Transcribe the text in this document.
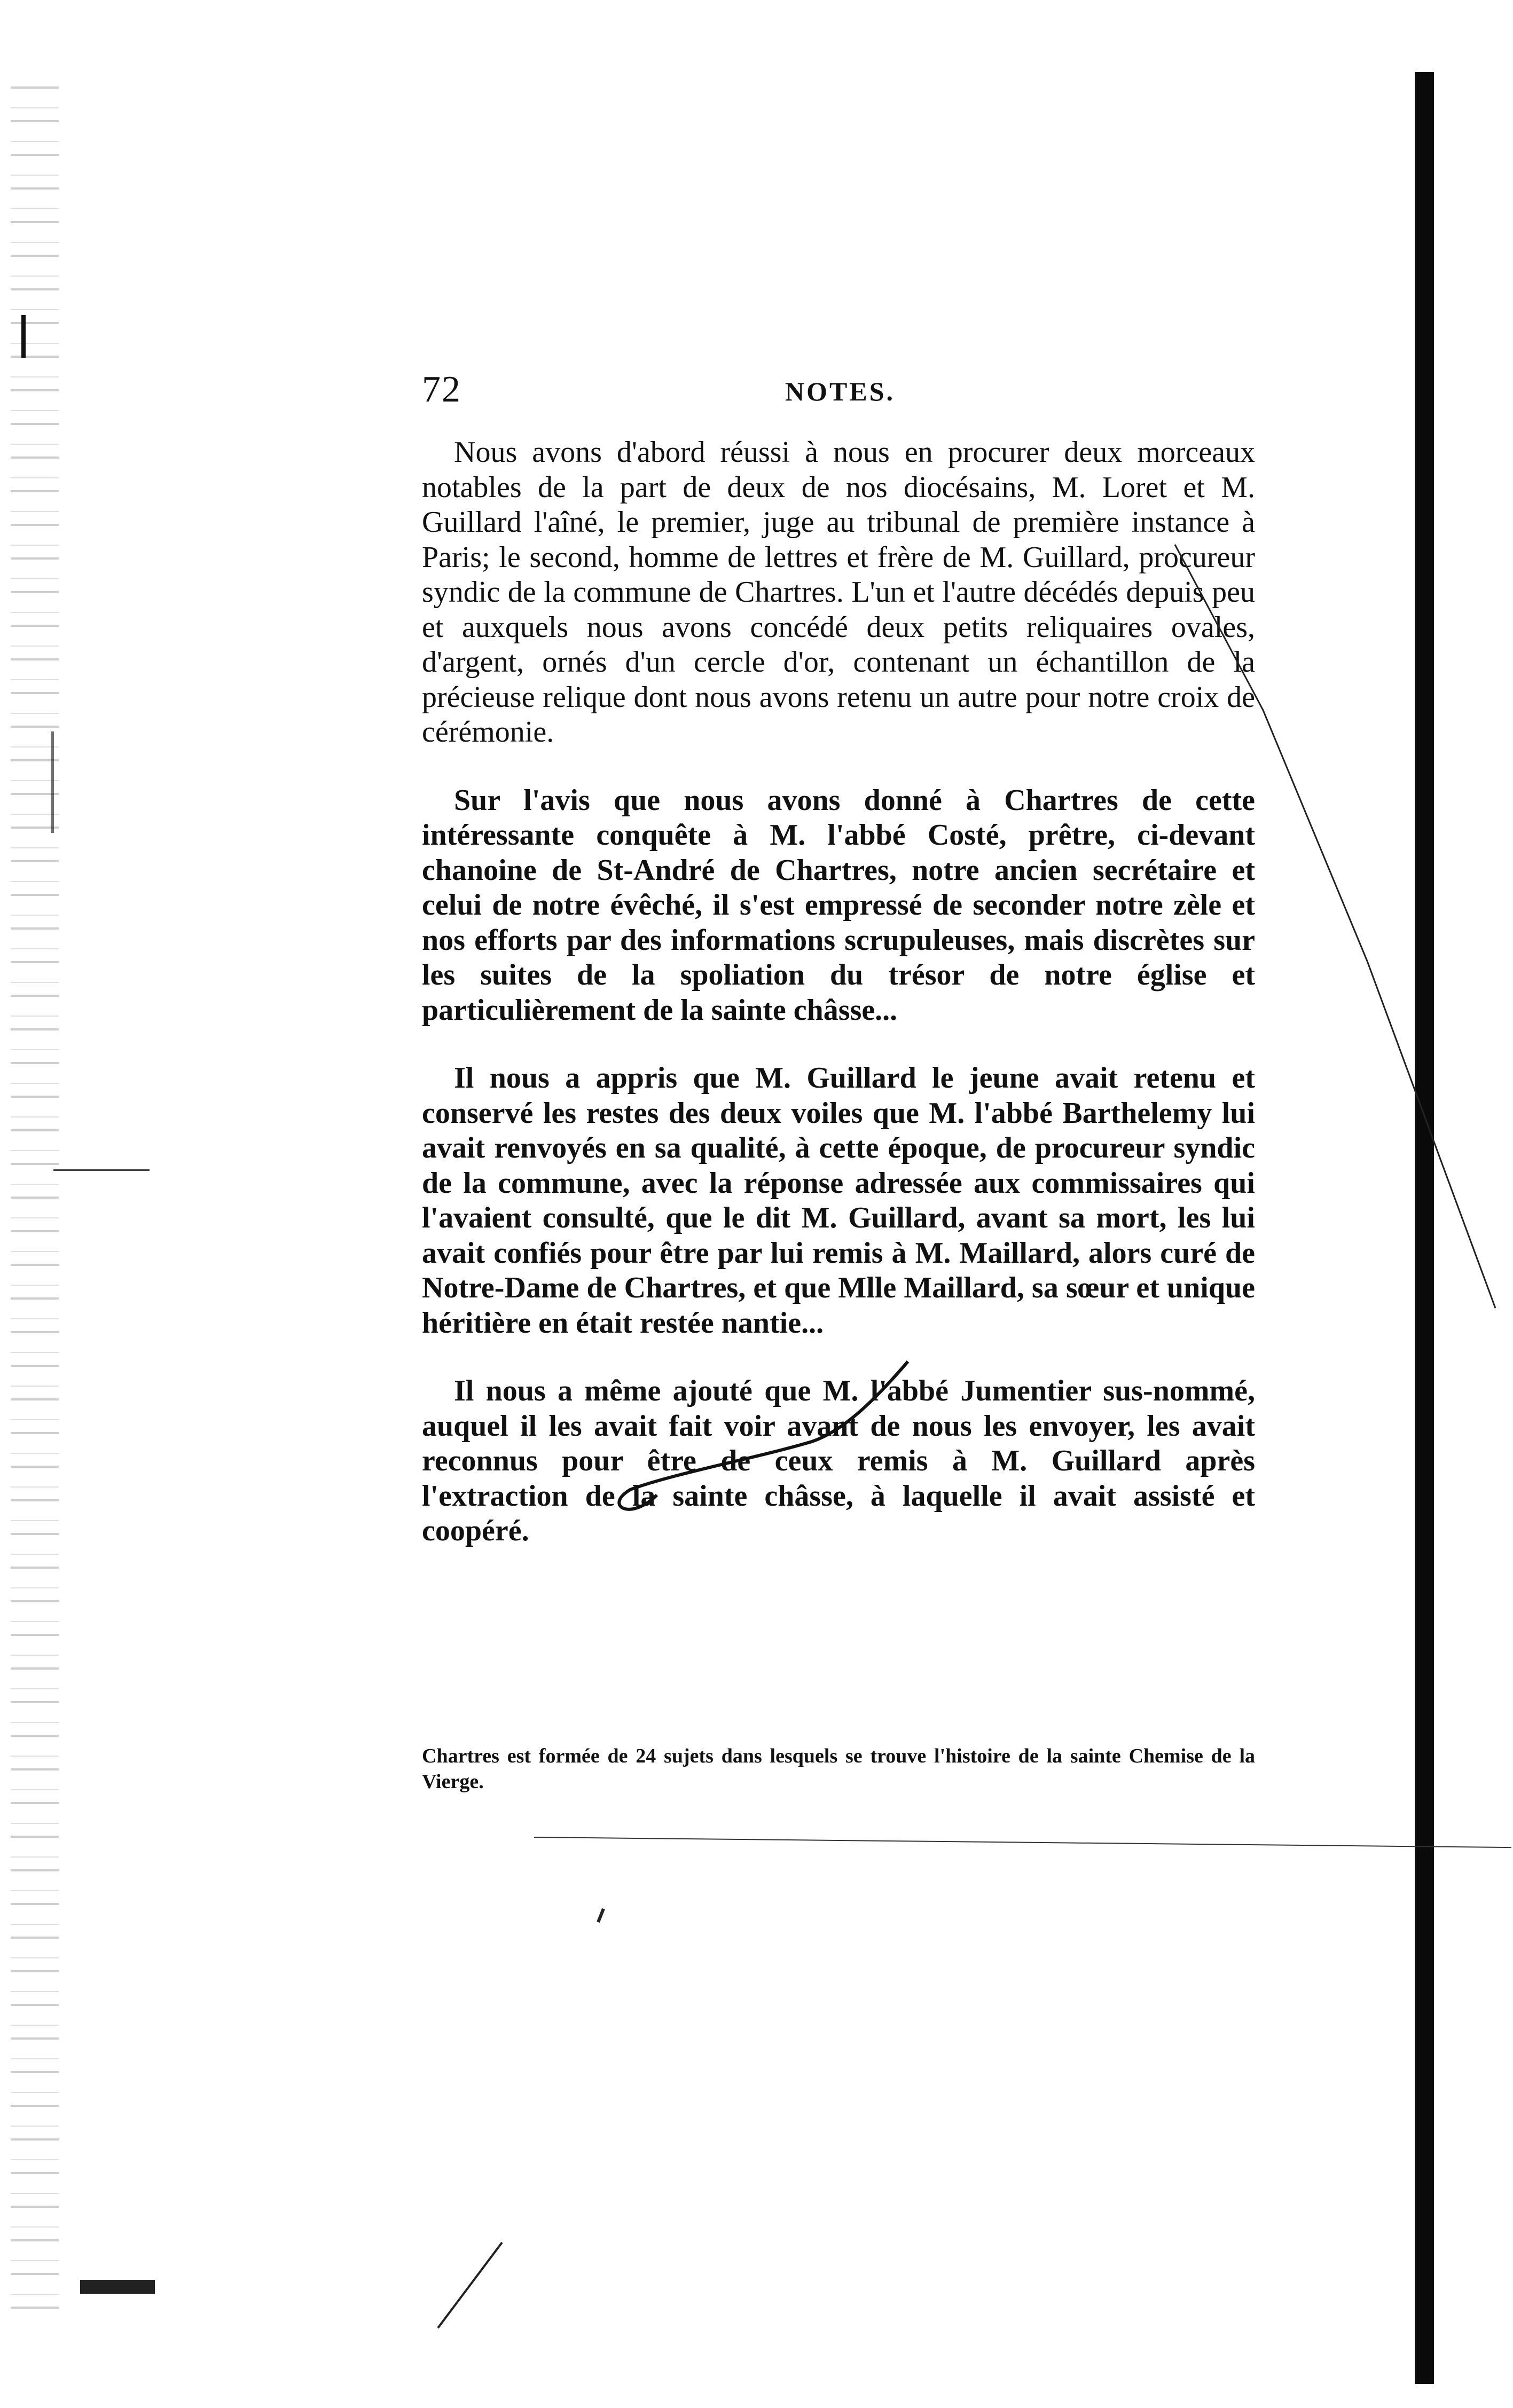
72	NOTES.

Nous avons d'abord réussi à nous en procurer deux morceaux notables de la part de deux de nos diocésains, M. Loret et M. Guillard l'aîné, le premier, juge au tribunal de première instance à Paris; le second, homme de lettres et frère de M. Guillard, procureur syndic de la commune de Chartres. L'un et l'autre décédés depuis peu et auxquels nous avons concédé deux petits reliquaires ovales, d'argent, ornés d'un cercle d'or, contenant un échantillon de la précieuse relique dont nous avons retenu un autre pour notre croix de cérémonie.

Sur l'avis que nous avons donné à Chartres de cette intéressante conquête à M. l'abbé Costé, prêtre, ci-devant chanoine de St-André de Chartres, notre ancien secrétaire et celui de notre évêché, il s'est empressé de seconder notre zèle et nos efforts par des informations scrupuleuses, mais discrètes sur les suites de la spoliation du trésor de notre église et particulièrement de la sainte châsse...

Il nous a appris que M. Guillard le jeune avait retenu et conservé les restes des deux voiles que M. l'abbé Barthelemy lui avait renvoyés en sa qualité, à cette époque, de procureur syndic de la commune, avec la réponse adressée aux commissaires qui l'avaient consulté, que le dit M. Guillard, avant sa mort, les lui avait confiés pour être par lui remis à M. Maillard, alors curé de Notre-Dame de Chartres, et que Mlle Maillard, sa sœur et unique héritière en était restée nantie...

Il nous a même ajouté que M. l'abbé Jumentier sus-nommé, auquel il les avait fait voir avant de nous les envoyer, les avait reconnus pour être de ceux remis à M. Guillard après l'extraction de la sainte châsse, à laquelle il avait assisté et coopéré.

Chartres est formée de 24 sujets dans lesquels se trouve l'histoire de la sainte Chemise de la Vierge.
